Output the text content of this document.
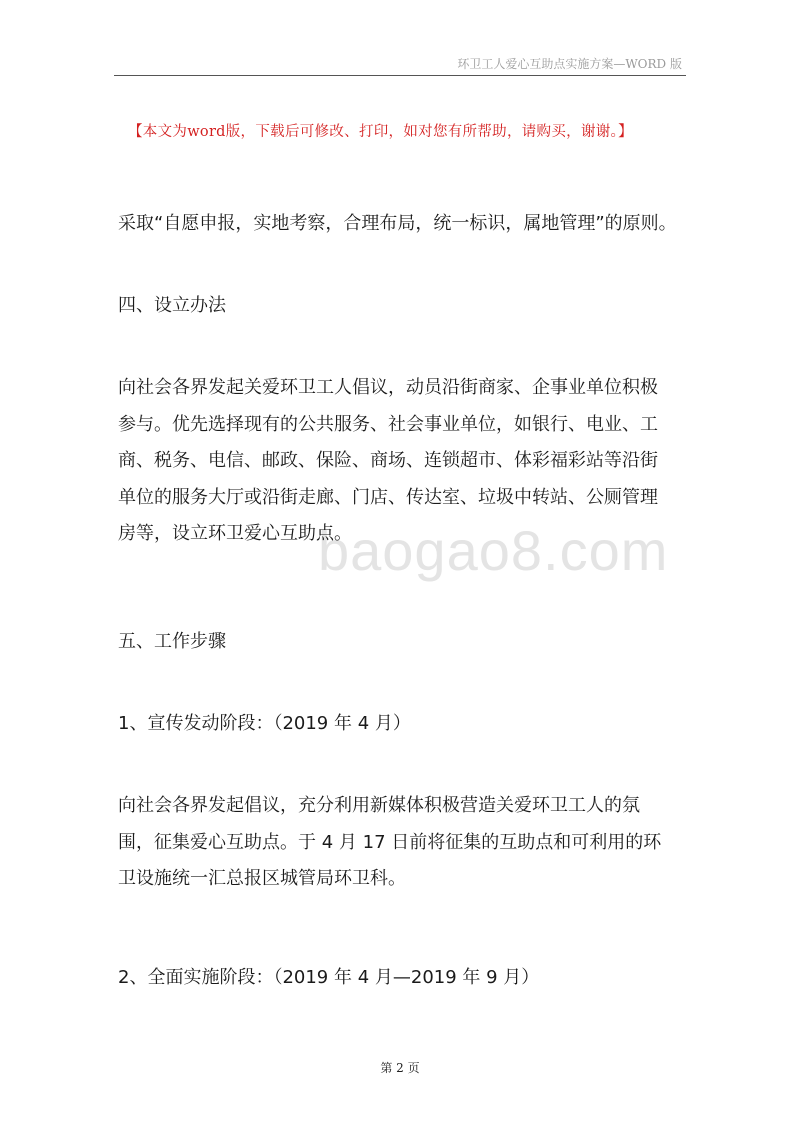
环卫工人爱心互助点实施方案—WORD 版
【本文为word版，下载后可修改、打印，如对您有所帮助，请购买，谢谢。】
baogao8.com
采取“自愿申报，实地考察，合理布局，统一标识，属地管理”的原则。
四、设立办法
向社会各界发起关爱环卫工人倡议，动员沿街商家、企事业单位积极
参与。优先选择现有的公共服务、社会事业单位，如银行、电业、工
商、税务、电信、邮政、保险、商场、连锁超市、体彩福彩站等沿街
单位的服务大厅或沿街走廊、门店、传达室、垃圾中转站、公厕管理
房等，设立环卫爱心互助点。
五、工作步骤
1、宣传发动阶段：（2019 年 4 月）
向社会各界发起倡议，充分利用新媒体积极营造关爱环卫工人的氛
围，征集爱心互助点。于 4 月 17 日前将征集的互助点和可利用的环
卫设施统一汇总报区城管局环卫科。
2、全面实施阶段：（2019 年 4 月—2019 年 9 月）
第 2 页
